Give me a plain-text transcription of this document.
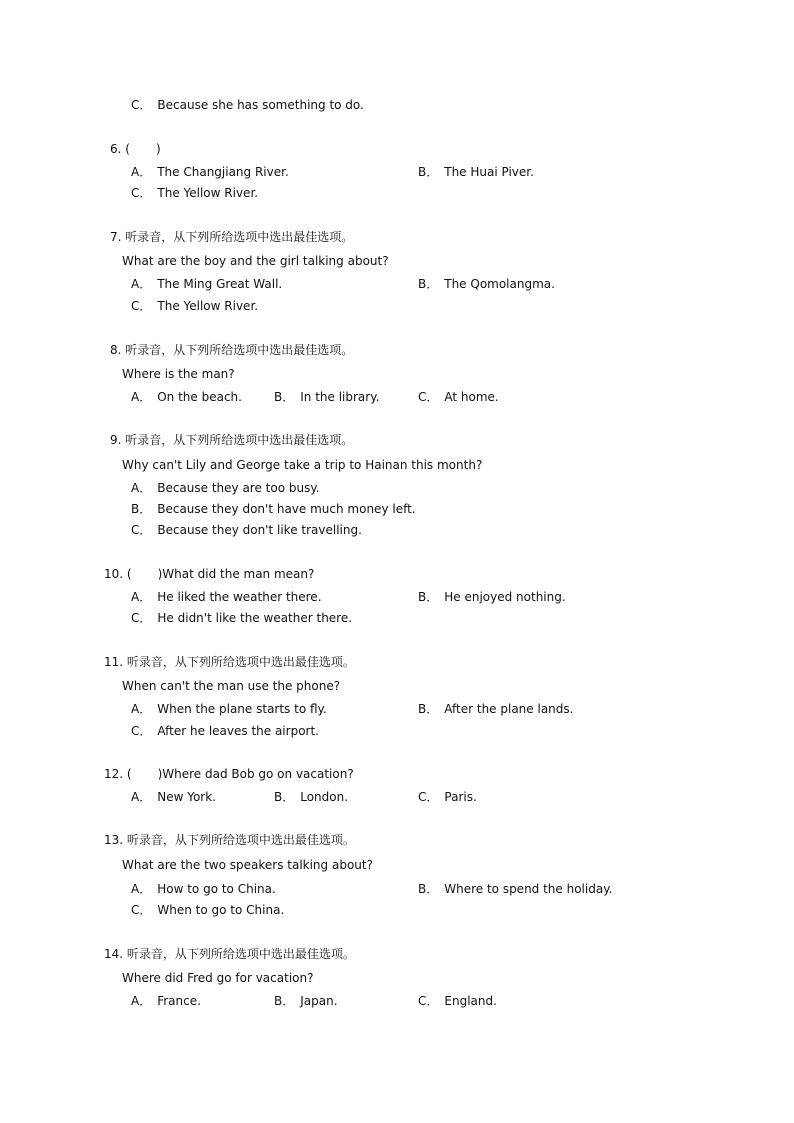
C． Because she has something to do.
6. ( )
A． The Changjiang River.	B． The Huai Piver.
C． The Yellow River.
7. 听录音，从下列所给选项中选出最佳选项。
What are the boy and the girl talking about?
A． The Ming Great Wall.	B． The Qomolangma.
C． The Yellow River.
8. 听录音，从下列所给选项中选出最佳选项。
Where is the man?
A． On the beach.	B． In the library.	C． At home.
9. 听录音，从下列所给选项中选出最佳选项。
Why can't Lily and George take a trip to Hainan this month?
A． Because they are too busy.
B． Because they don't have much money left.
C． Because they don't like travelling.
10. ( )What did the man mean?
A． He liked the weather there.	B． He enjoyed nothing.
C． He didn't like the weather there.
11. 听录音，从下列所给选项中选出最佳选项。
When can't the man use the phone?
A． When the plane starts to fly.	B． After the plane lands.
C． After he leaves the airport.
12. ( )Where dad Bob go on vacation?
A． New York.	B． London.	C． Paris.
13. 听录音，从下列所给选项中选出最佳选项。
What are the two speakers talking about?
A． How to go to China.	B． Where to spend the holiday.
C． When to go to China.
14. 听录音，从下列所给选项中选出最佳选项。
Where did Fred go for vacation?
A． France.	B． Japan.	C． England.
